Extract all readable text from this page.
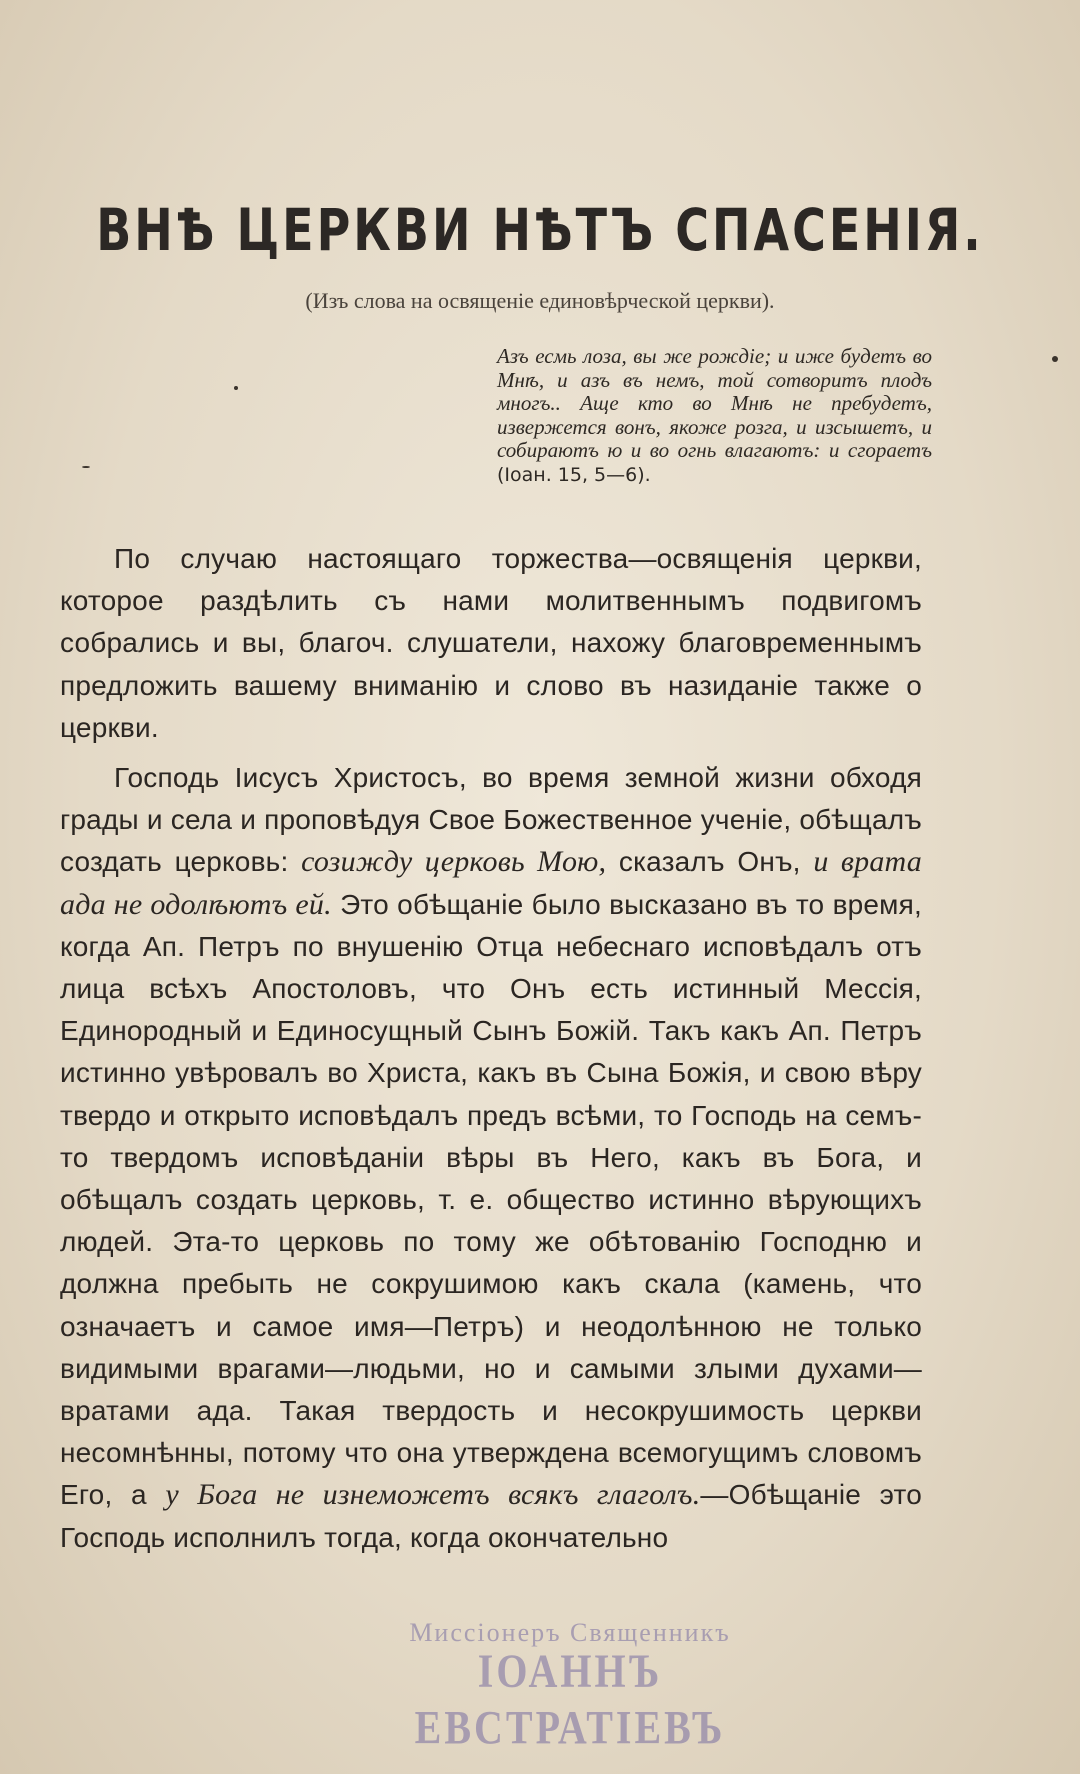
ВНѢ ЦЕРКВИ НѢТЪ СПАСЕНІЯ.
(Изъ слова на освященіе единовѣрческой церкви).
Азъ есмь лоза, вы же рождіе; и иже будетъ во Мнѣ, и азъ въ немъ, той сотворитъ плодъ многъ.. Аще кто во Мнѣ не пребудетъ, извержется вонъ, якоже розга, и изсышетъ, и собираютъ ю и во огнь влагаютъ: и сгораетъ (Іоан. 15, 5—6).

По случаю настоящаго торжества—освященія церкви, которое раздѣлить съ нами молитвеннымъ подвигомъ собрались и вы, благоч. слушатели, нахожу благовременнымъ предложить вашему вниманію и слово въ назиданіе также о церкви.

Господь Іисусъ Христосъ, во время земной жизни обходя грады и села и проповѣдуя Свое Божественное ученіе, обѣщалъ создать церковь: созижду церковь Мою, сказалъ Онъ, и врата ада не одолѣютъ ей. Это обѣщаніе было высказано въ то время, когда Ап. Петръ по внушенію Отца небеснаго исповѣдалъ отъ лица всѣхъ Апостоловъ, что Онъ есть истинный Мессія, Единородный и Единосущный Сынъ Божій. Такъ какъ Ап. Петръ истинно увѣровалъ во Христа, какъ въ Сына Божія, и свою вѣру твердо и открыто исповѣдалъ предъ всѣми, то Господь на семъ-то твердомъ исповѣданіи вѣры въ Него, какъ въ Бога, и обѣщалъ создать церковь, т. е. общество истинно вѣрующихъ людей. Эта-то церковь по тому же обѣтованію Господню и должна пребыть не сокрушимою какъ скала (камень, что означаетъ и самое имя—Петръ) и неодолѣнною не только видимыми врагами—людьми, но и самыми злыми духами—вратами ада. Такая твердость и несокрушимость церкви несомнѣнны, потому что она утверждена всемогущимъ словомъ Его, а у Бога не изнеможетъ всякъ глаголъ.—Обѣщаніе это Господь исполнилъ тогда, когда окончательно

Миссіонеръ Священникъ
ІОАННЪ ЕВСТРАТІЕВЪ
